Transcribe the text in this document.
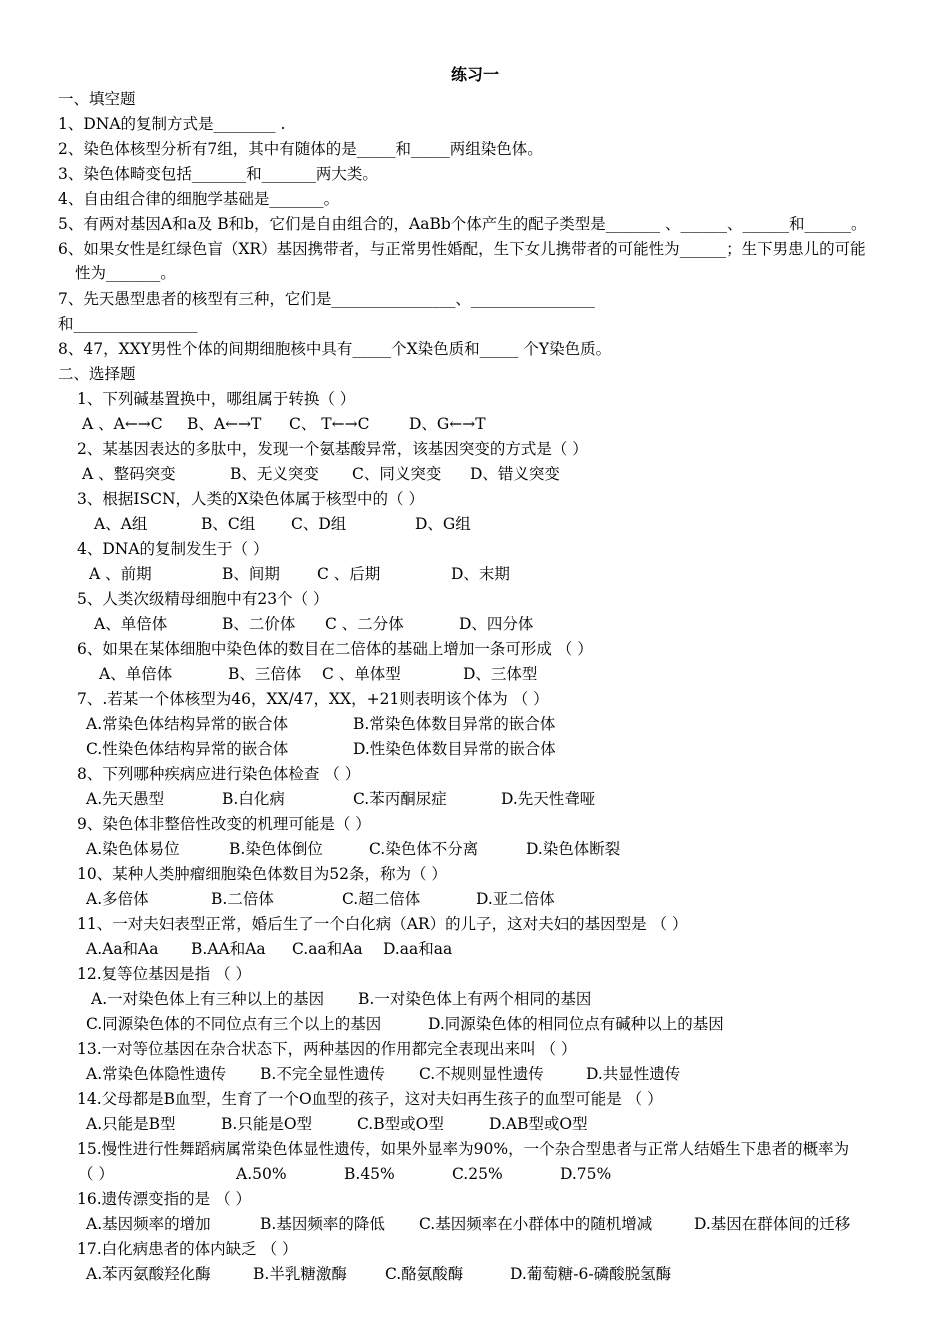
练习一
一、填空题
1、DNA的复制方式是________ .
2、染色体核型分析有7组，其中有随体的是_____和_____两组染色体。
3、染色体畸变包括_______和_______两大类。
4、自由组合律的细胞学基础是_______。
5、有两对基因A和a及 B和b，它们是自由组合的，AaBb个体产生的配子类型是_______ 、______、______和______。
6、如果女性是红绿色盲（XR）基因携带者，与正常男性婚配，生下女儿携带者的可能性为______；生下男患儿的可能
性为_______。
7、先天愚型患者的核型有三种，它们是________________、________________
和________________
8、47，XXY男性个体的间期细胞核中具有_____个X染色质和_____ 个Y染色质。
二、选择题
1、下列碱基置换中，哪组属于转换（ ）
A 、A←→C B、A←→T C、 T←→C	D、G←→T
2、某基因表达的多肽中，发现一个氨基酸异常，该基因突变的方式是（ ）
A 、整码突变	B、无义突变 C、同义突变 D、错义突变
3、根据ISCN，人类的X染色体属于核型中的（ ）
A、A组	B、C组 C、D组	D、G组
4、DNA的复制发生于（ ）
A 、前期	B、间期 C 、后期	D、末期
5、人类次级精母细胞中有23个（ ）
A、单倍体	B、二价体 C 、二分体	D、四分体
6、如果在某体细胞中染色体的数目在二倍体的基础上增加一条可形成 （ ）
A、单倍体	B、三倍体 C 、单体型	D、三体型
7、.若某一个体核型为46，XX/47，XX，+21则表明该个体为 （ ）
A.常染色体结构异常的嵌合体	B.常染色体数目异常的嵌合体
C.性染色体结构异常的嵌合体	D.性染色体数目异常的嵌合体
8、下列哪种疾病应进行染色体检查 （ ）
A.先天愚型	B.白化病	C.苯丙酮尿症	D.先天性聋哑
9、染色体非整倍性改变的机理可能是（ ）
A.染色体易位	B.染色体倒位	C.染色体不分离	D.染色体断裂
10、某种人类肿瘤细胞染色体数目为52条，称为（ ）
A.多倍体	B.二倍体	C.超二倍体	D.亚二倍体
11、一对夫妇表型正常，婚后生了一个白化病（AR）的儿子，这对夫妇的基因型是 （ ）
A.Aa和Aa B.AA和Aa C.aa和Aa D.aa和aa
12.复等位基因是指 （ ）
A.一对染色体上有三种以上的基因 B.一对染色体上有两个相同的基因
C.同源染色体的不同位点有三个以上的基因	D.同源染色体的相同位点有碱种以上的基因
13.一对等位基因在杂合状态下，两种基因的作用都完全表现出来叫 （ ）
A.常染色体隐性遗传 B.不完全显性遗传 C.不规则显性遗传	D.共显性遗传
14.父母都是B血型，生育了一个O血型的孩子，这对夫妇再生孩子的血型可能是 （ ）
A.只能是B型	B.只能是O型	C.B型或O型	D.AB型或O型
15.慢性进行性舞蹈病属常染色体显性遗传，如果外显率为90%，一个杂合型患者与正常人结婚生下患者的概率为
（ ）	A.50%	B.45%	C.25%	D.75%
16.遗传漂变指的是 （ ）
A.基因频率的增加	B.基因频率的降低 C.基因频率在小群体中的随机增减	D.基因在群体间的迁移
17.白化病患者的体内缺乏 （ ）
A.苯丙氨酸羟化酶	B.半乳糖激酶 C.酪氨酸酶	D.葡萄糖-6-磷酸脱氢酶
